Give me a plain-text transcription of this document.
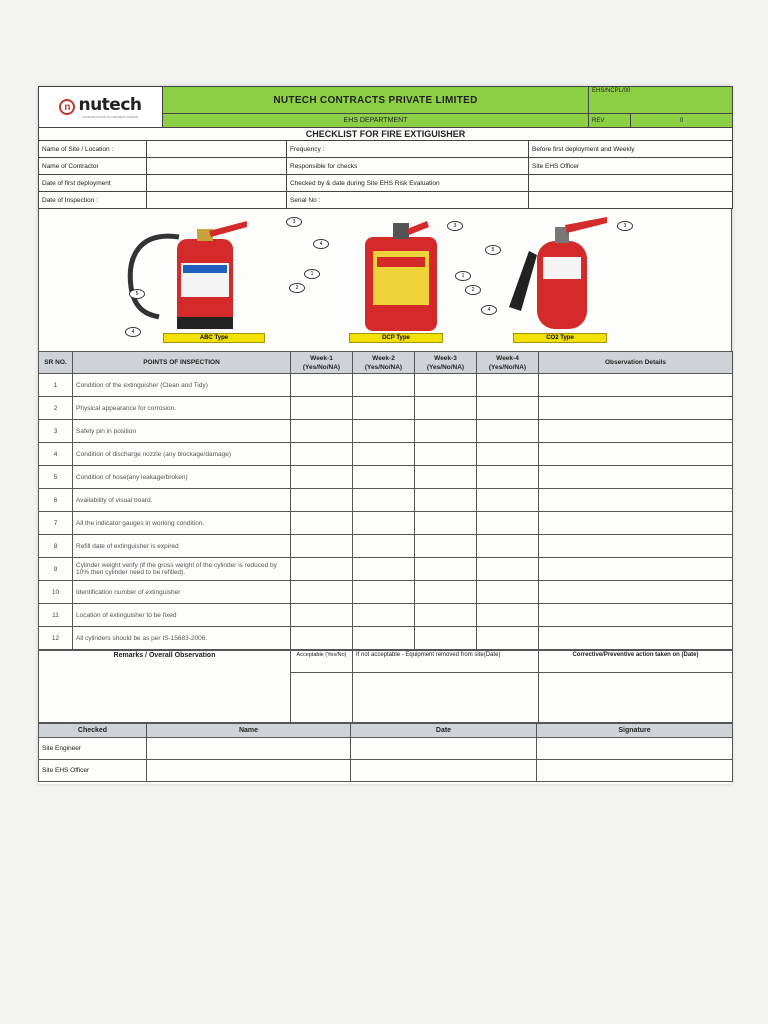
n nutech
CONSTRUCTION IS OUR BEST DESIGN	NUTECH CONTRACTS PRIVATE LIMITED	EHS/NCPL/00	
	EHS DEPARTMENT	REV	0
CHECKLIST FOR FIRE EXTIGUISHER			
Name of Site / Location :		Frequency :	Before first deployment and Weekly
Name of Contractor		Responsible for checks	Site EHS Officer
Date of first deployment		Checked by & date during Site EHS Risk Evaluation	
Date of Inspection :		Serial No :	
3
1
2
5
4
3
4
1
2
3
5
4
ABC Type	DCP Type	CO2 Type
SR NO.	POINTS OF INSPECTION	Week-1 (Yes/No/NA)	Week-2 (Yes/No/NA)	Week-3 (Yes/No/NA)	Week-4 (Yes/No/NA)	Observation Details
1	Condition of the extinguisher (Clean and Tidy)					
2	Physical appearance for corrosion.					
3	Safety pin in position					
4	Condition of discharge nozzle (any blockage/damage)					
5	Condition of hose(any leakage/broken)					
6	Availability of visual board.					
7	All the indicator gauges in working condition.					
8	Refill date of extinguisher is expired					
9	Cylinder weight verify (if the gross weight of the cylinder is reduced by 10% then cylinder need to be refilled).					
10	Identification number of extinguisher					
11	Location of extinguisher to be fixed					
12	All cylinders should be as per IS-15683-2006.					
Remarks / Overall Observation	Acceptable (Yes/No)	If not acceptable - Equipment removed from site(Date)	Corrective/Preventive action taken on (Date)

Checked	Name	Date	Signature
Site Engineer			
Site EHS Officer			
